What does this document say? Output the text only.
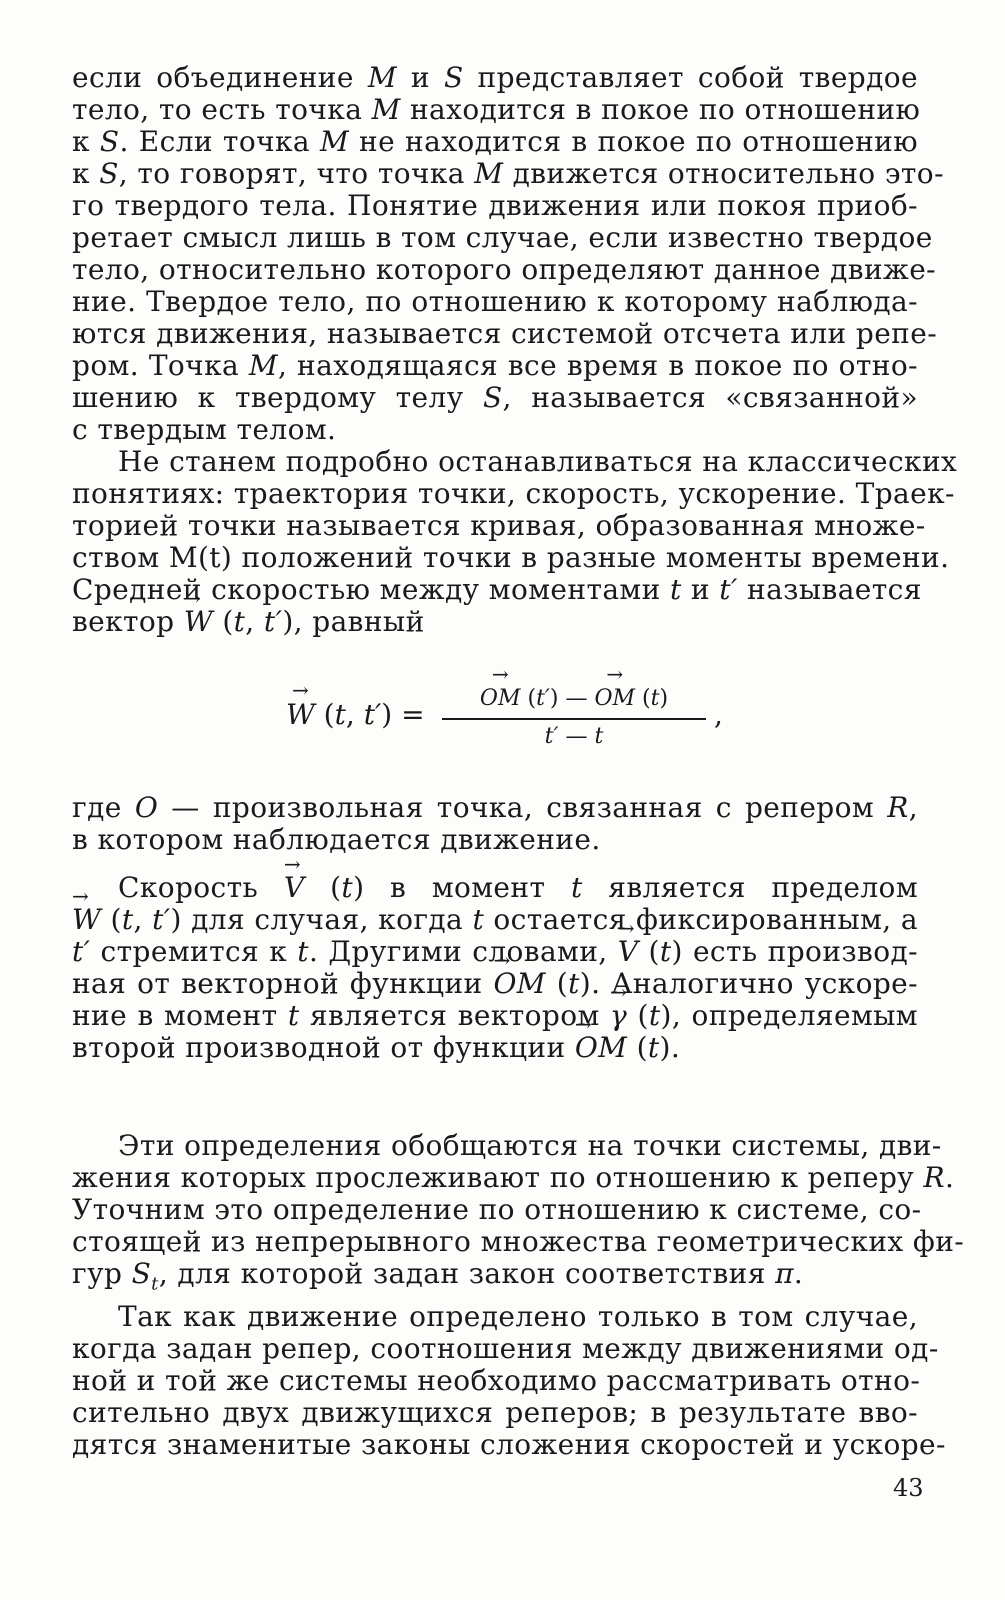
если объединение M и S представляет собой твердое
тело, то есть точка M находится в покое по отношению
к S. Если точка M не находится в покое по отношению
к S, то говорят, что точка M движется относительно это-
го твердого тела. Понятие движения или покоя приоб-
ретает смысл лишь в том случае, если известно твердое
тело, относительно которого определяют данное движе-
ние. Твердое тело, по отношению к которому наблюда-
ются движения, называется системой отсчета или репе-
ром. Точка M, находящаяся все время в покое по отно-
шению к твердому телу S, называется «связанной»
с твердым телом.
Не станем подробно останавливаться на классических
понятиях: траектория точки, скорость, ускорение. Траек-
торией точки называется кривая, образованная множе-
ством M(t) положений точки в разные моменты времени.
Средней скоростью между моментами t и t′ называется
вектор → W (t, t′), равный
→ W (t, t′) =
→	OM (t′) — → OM (t)
t′ — t
,
где O — произвольная точка, связанная с репером R,
в котором наблюдается движение.
Скорость → V (t) в момент t является пределом
→ W (t, t′) для случая, когда t остается фиксированным, а
t′ стремится к t. Другими словами, → V (t) есть производ-
ная от векторной функции → OM (t). Аналогично ускоре-
ние в момент t является вектором → γ (t), определяемым
второй производной от функции → OM (t).
Эти определения обобщаются на точки системы, дви-
жения которых прослеживают по отношению к реперу R.
Уточним это определение по отношению к системе, со-
стоящей из непрерывного множества геометрических фи-
гур $S_t$, для которой задан закон соответствия π.
Так как движение определено только в том случае,
когда задан репер, соотношения между движениями од-
ной и той же системы необходимо рассматривать отно-
сительно двух движущихся реперов; в результате вво-
дятся знаменитые законы сложения скоростей и ускоре-
43
